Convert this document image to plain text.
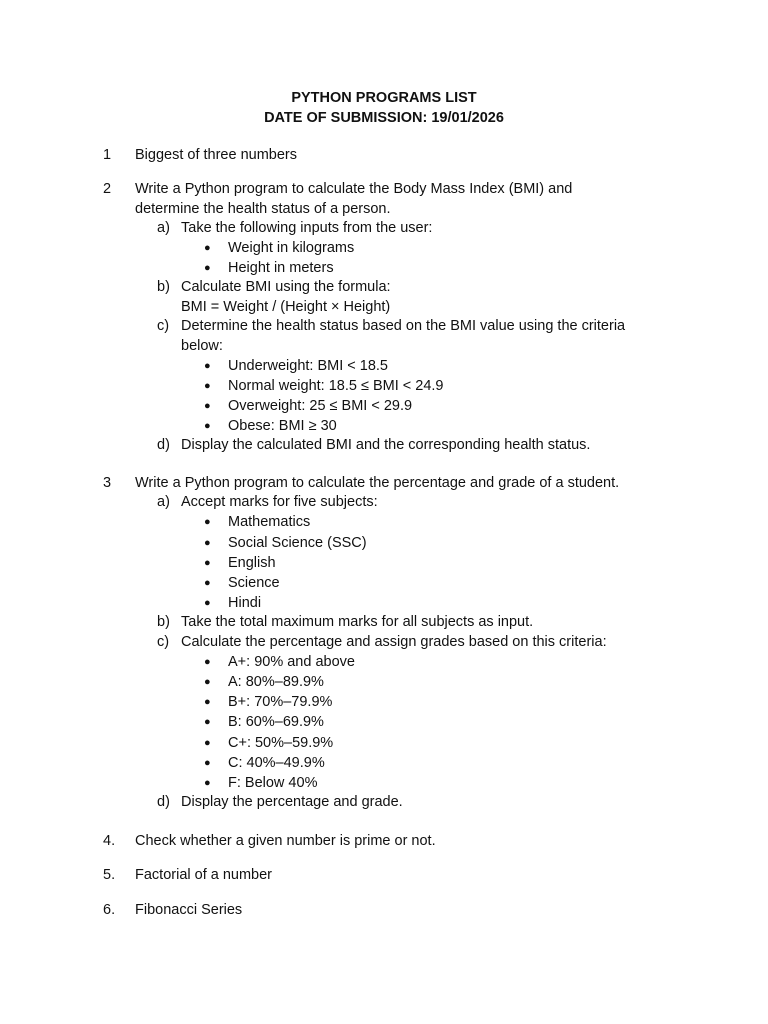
PYTHON PROGRAMS LIST
DATE OF SUBMISSION: 19/01/2026
1 Biggest of three numbers
2 Write a Python program to calculate the Body Mass Index (BMI) and
determine the health status of a person.
a) Take the following inputs from the user:
● Weight in kilograms
● Height in meters
b) Calculate BMI using the formula:
BMI = Weight / (Height × Height)
c) Determine the health status based on the BMI value using the criteria
below:
● Underweight: BMI < 18.5
● Normal weight: 18.5 ≤ BMI < 24.9
● Overweight: 25 ≤ BMI < 29.9
● Obese: BMI ≥ 30
d) Display the calculated BMI and the corresponding health status.
3 Write a Python program to calculate the percentage and grade of a student.
a) Accept marks for five subjects:
● Mathematics
● Social Science (SSC)
● English
● Science
● Hindi
b) Take the total maximum marks for all subjects as input.
c) Calculate the percentage and assign grades based on this criteria:
● A+: 90% and above
● A: 80%–89.9%
● B+: 70%–79.9%
● B: 60%–69.9%
● C+: 50%–59.9%
● C: 40%–49.9%
● F: Below 40%
d) Display the percentage and grade.
4. Check whether a given number is prime or not.
5. Factorial of a number
6. Fibonacci Series
